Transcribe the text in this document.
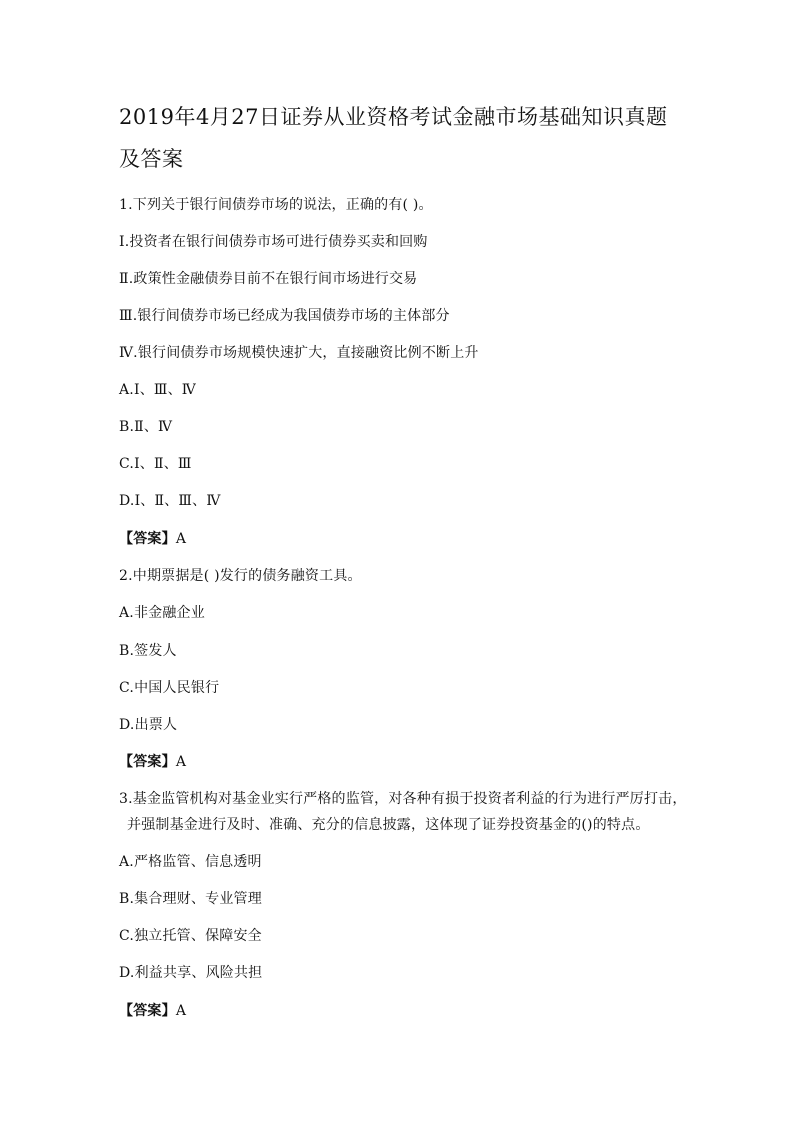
2019年4月27日证券从业资格考试金融市场基础知识真题
及答案
1.下列关于银行间债券市场的说法，正确的有( )。
Ⅰ.投资者在银行间债券市场可进行债券买卖和回购
Ⅱ.政策性金融债券目前不在银行间市场进行交易
Ⅲ.银行间债券市场已经成为我国债券市场的主体部分
Ⅳ.银行间债券市场规模快速扩大，直接融资比例不断上升
A.Ⅰ、Ⅲ、Ⅳ
B.Ⅱ、Ⅳ
C.Ⅰ、Ⅱ、Ⅲ
D.Ⅰ、Ⅱ、Ⅲ、Ⅳ
【答案】A
2.中期票据是( )发行的债务融资工具。
A.非金融企业
B.签发人
C.中国人民银行
D.出票人
【答案】A
3.基金监管机构对基金业实行严格的监管，对各种有损于投资者利益的行为进行严厉打击，
并强制基金进行及时、准确、充分的信息披露，这体现了证券投资基金的()的特点。
A.严格监管、信息透明
B.集合理财、专业管理
C.独立托管、保障安全
D.利益共享、风险共担
【答案】A
